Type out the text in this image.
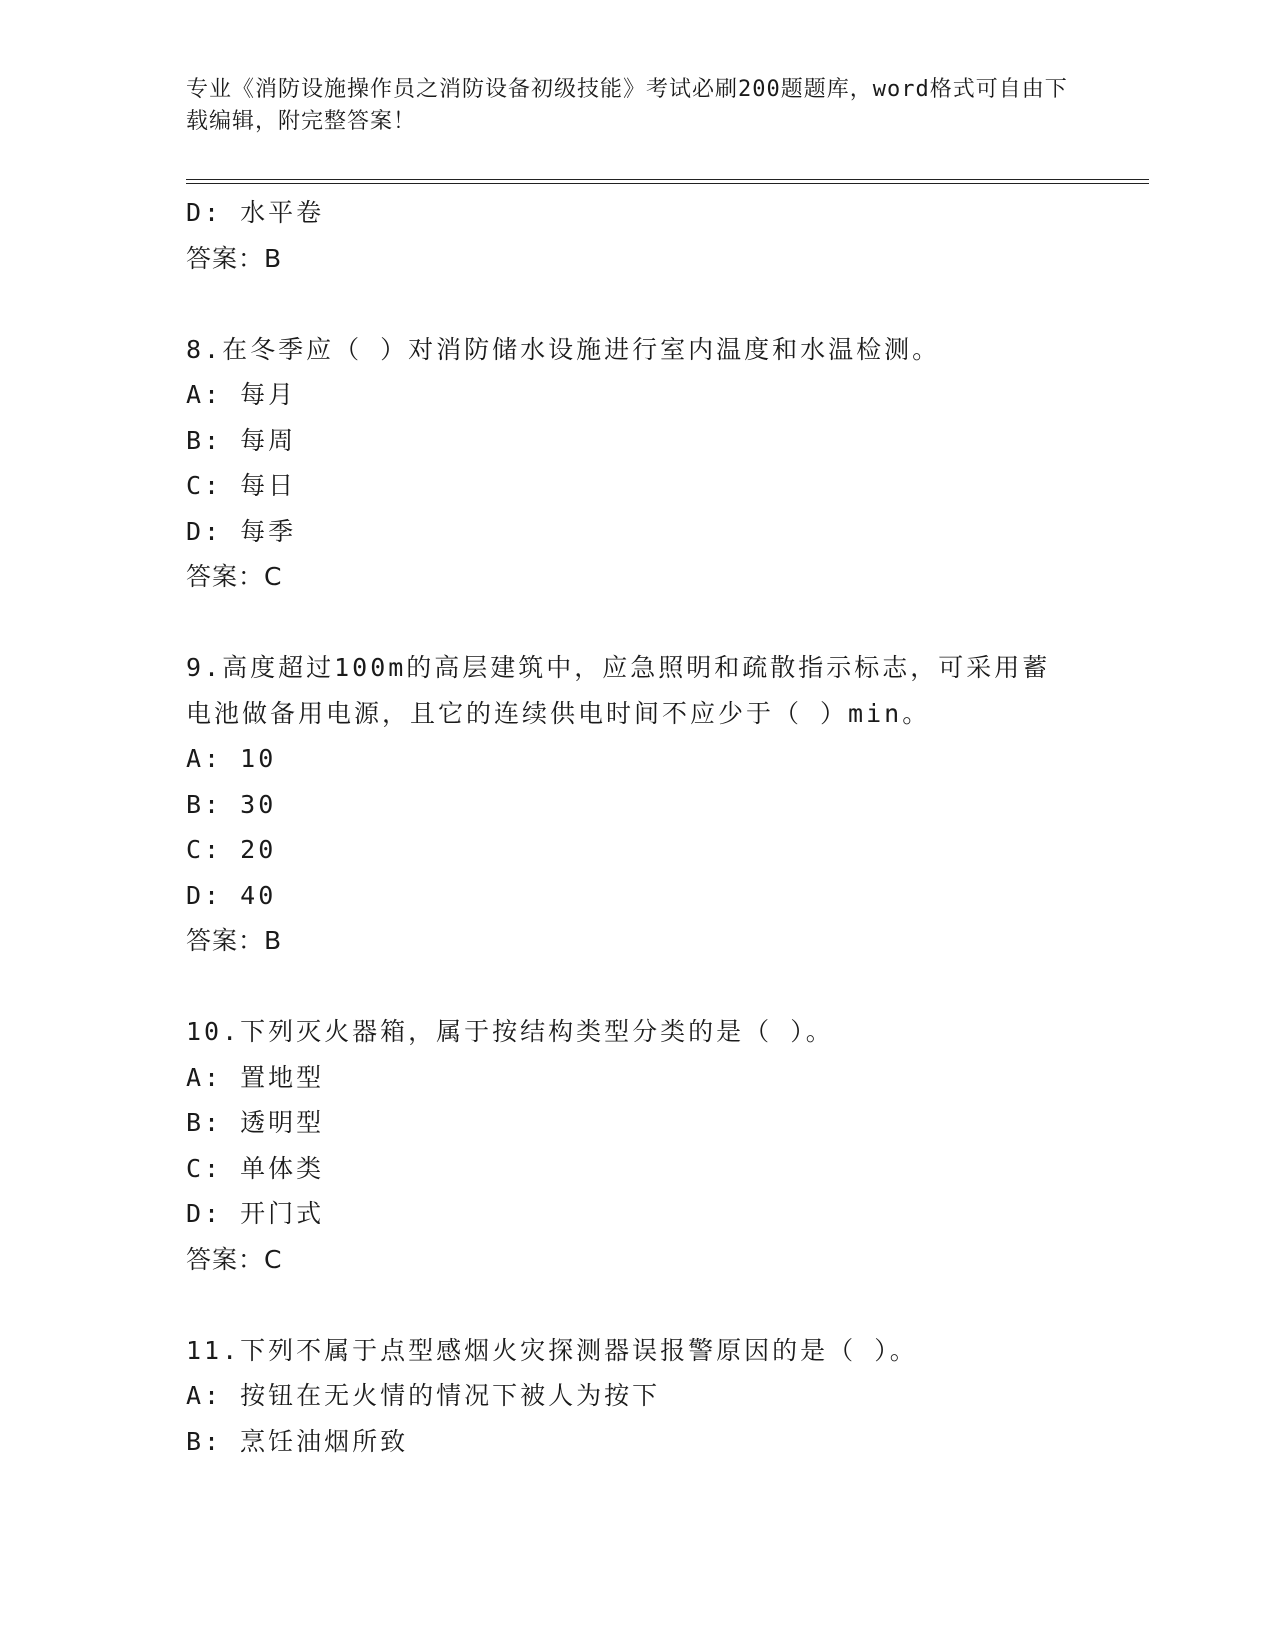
专业《消防设施操作员之消防设备初级技能》考试必刷200题题库，word格式可自由下载编辑，附完整答案！
D: 水平卷
答案：B
8.在冬季应（ ）对消防储水设施进行室内温度和水温检测。
A: 每月
B: 每周
C: 每日
D: 每季
答案：C
9.高度超过100m的高层建筑中，应急照明和疏散指示标志，可采用蓄
电池做备用电源，且它的连续供电时间不应少于（ ）min。
A: 10
B: 30
C: 20
D: 40
答案：B
10.下列灭火器箱，属于按结构类型分类的是（ ）。
A: 置地型
B: 透明型
C: 单体类
D: 开门式
答案：C
11.下列不属于点型感烟火灾探测器误报警原因的是（ ）。
A: 按钮在无火情的情况下被人为按下
B: 烹饪油烟所致
